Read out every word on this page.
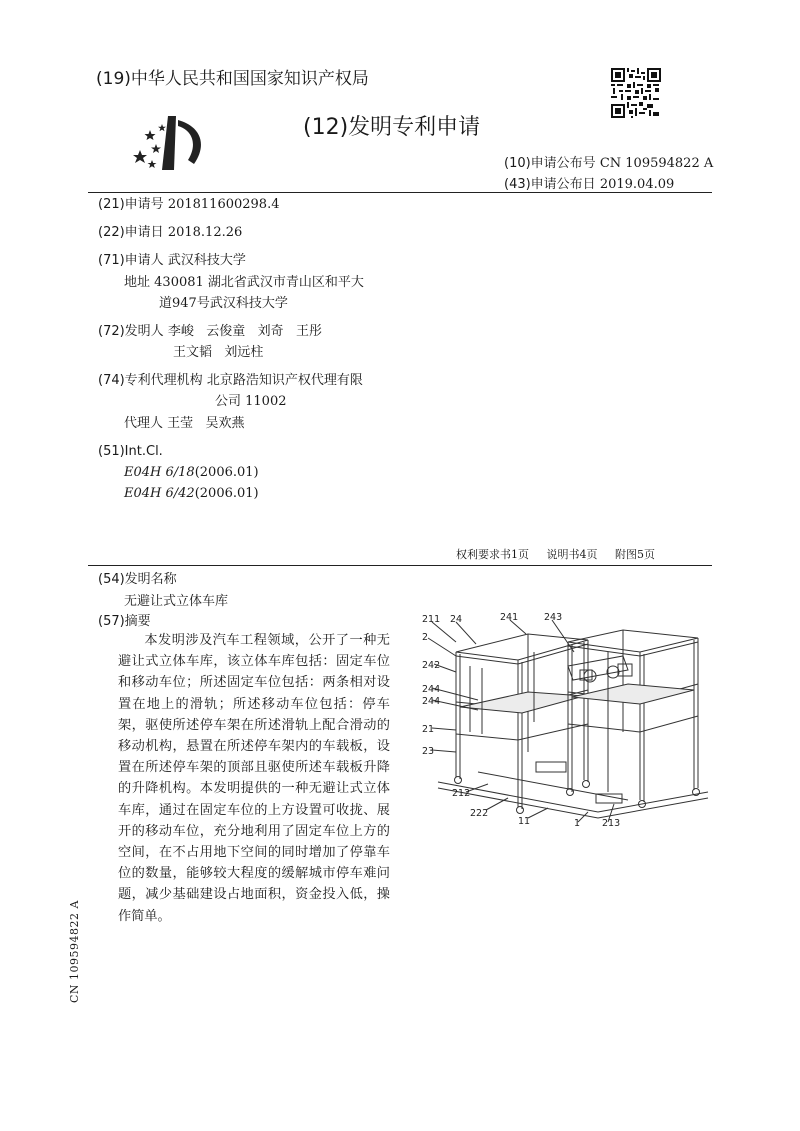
(19)中华人民共和国国家知识产权局
(12)发明专利申请
(10)申请公布号 CN 109594822 A
(43)申请公布日 2019.04.09
(21)申请号 201811600298.4
(22)申请日 2018.12.26
(71)申请人 武汉科技大学
地址 430081 湖北省武汉市青山区和平大
道947号武汉科技大学
(72)发明人 李峻   云俊童   刘奇   王彤
王文韬   刘远柱
(74)专利代理机构 北京路浩知识产权代理有限
公司 11002
代理人 王莹   吴欢燕
(51)Int.Cl.
E04H 6/18(2006.01)
E04H 6/42(2006.01)
权利要求书1页 说明书4页 附图5页
(54)发明名称
无避让式立体车库
(57)摘要
本发明涉及汽车工程领域，公开了一种无避让式立体车库，该立体车库包括：固定车位和移动车位；所述固定车位包括：两条相对设置在地上的滑轨；所述移动车位包括：停车架，驱使所述停车架在所述滑轨上配合滑动的移动机构，悬置在所述停车架内的车载板，设置在所述停车架的顶部且驱使所述车载板升降的升降机构。本发明提供的一种无避让式立体车库，通过在固定车位的上方设置可收拢、展开的移动车位，充分地利用了固定车位上方的空间，在不占用地下空间的同时增加了停靠车位的数量，能够较大程度的缓解城市停车难问题，减少基础建设占地面积，资金投入低，操作简单。
211 24	241	243
2
242
244
244
21
23
212
222
11	1 213
CN 109594822 A
